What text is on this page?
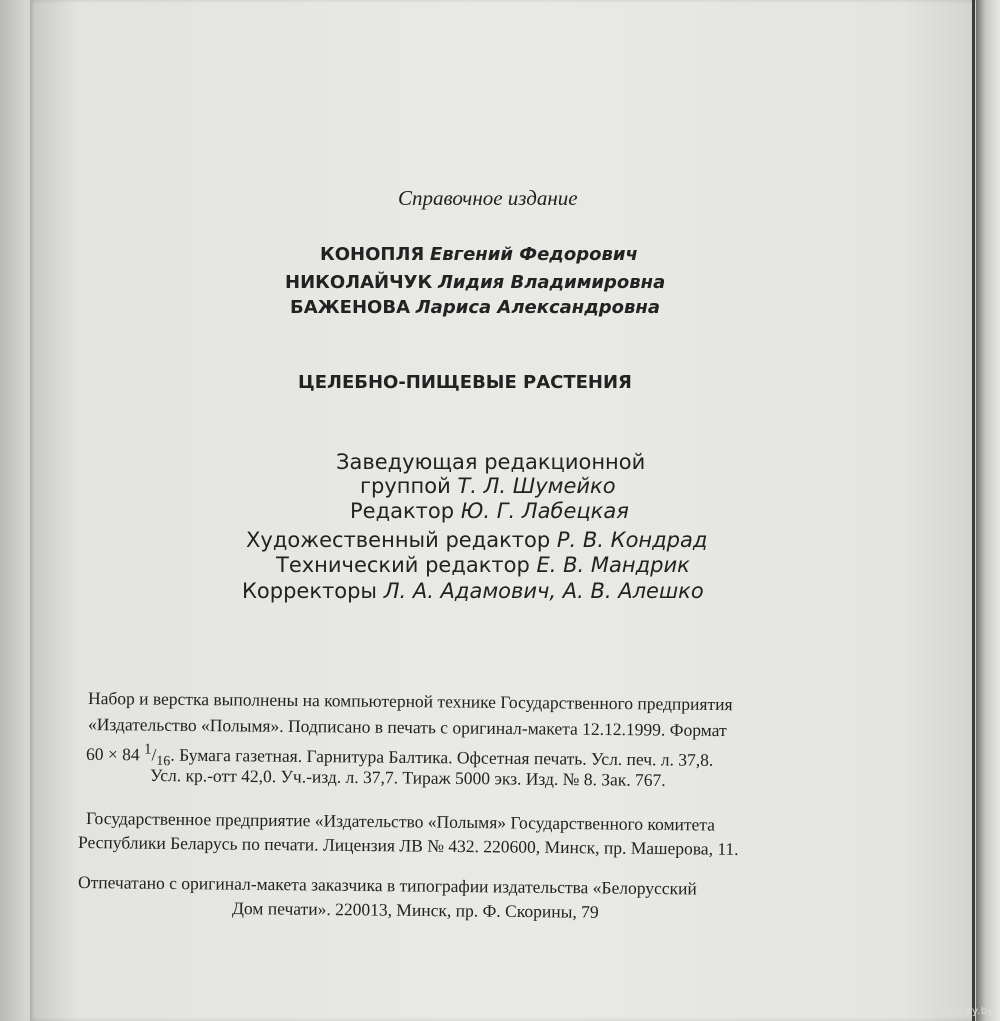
Справочное издание
КОНОПЛЯ Евгений Федорович
НИКОЛАЙЧУК Лидия Владимировна
БАЖЕНОВА Лариса Александровна
ЦЕЛЕБНО-ПИЩЕВЫЕ РАСТЕНИЯ
Заведующая редакционной
группой Т. Л. Шумейко
Редактор Ю. Г. Лабецкая
Художественный редактор Р. В. Кондрад
Технический редактор Е. В. Мандрик
Корректоры Л. А. Адамович, А. В. Алешко
Набор и верстка выполнены на компьютерной технике Государственного предприятия
«Издательство «Полымя». Подписано в печать с оригинал-макета 12.12.1999. Формат
60 × 84 $^1/_{16}$. Бумага газетная. Гарнитура Балтика. Офсетная печать. Усл. печ. л. 37,8.
Усл. кр.-отт 42,0. Уч.-изд. л. 37,7. Тираж 5000 экз. Изд. № 8. Зак. 767.
Государственное предприятие «Издательство «Полымя» Государственного комитета
Республики Беларусь по печати. Лицензия ЛВ № 432. 220600, Минск, пр. Машерова, 11.
Отпечатано с оригинал-макета заказчика в типографии издательства «Белорусский
Дом печати». 220013, Минск, пр. Ф. Скорины, 79
www.ay.by
